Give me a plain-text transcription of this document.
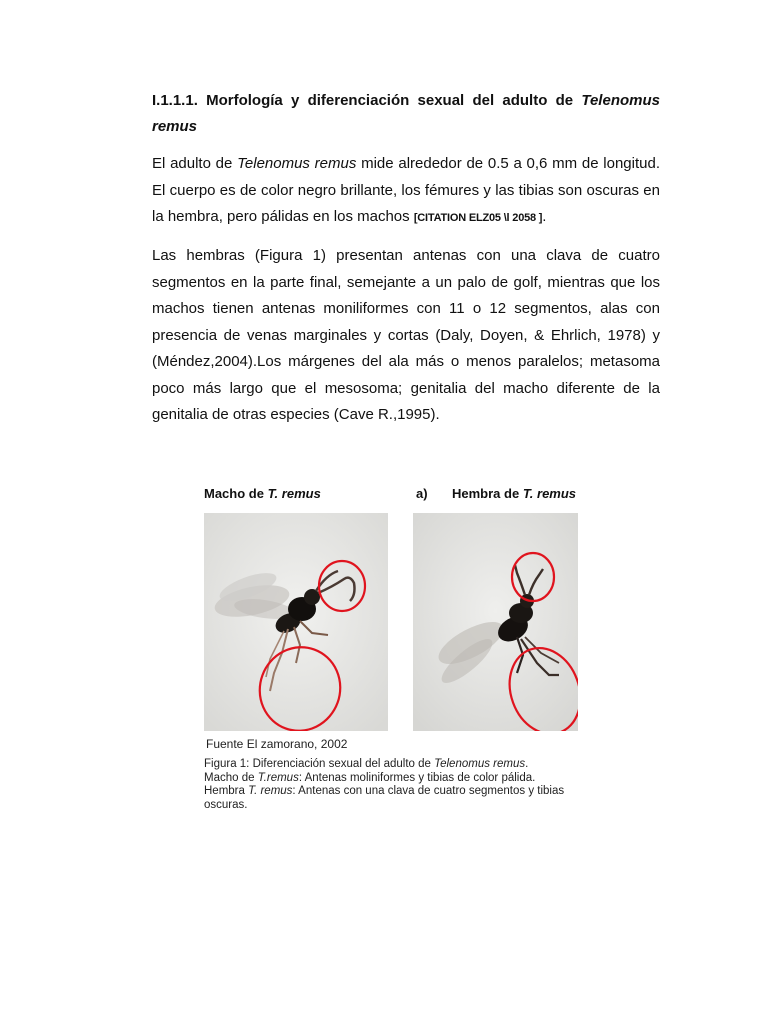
I.1.1.1. Morfología y diferenciación sexual del adulto de Telenomus remus
El adulto de Telenomus remus mide alrededor de 0.5 a 0,6 mm de longitud. El cuerpo es de color negro brillante, los fémures y las tibias son oscuras en la hembra, pero pálidas en los machos [CITATION ELZ05 \l 2058 ].
Las hembras (Figura 1) presentan antenas con una clava de cuatro segmentos en la parte final, semejante a un palo de golf, mientras que los machos tienen antenas moniliformes con 11 o 12 segmentos, alas con presencia de venas marginales y cortas (Daly, Doyen, & Ehrlich, 1978) y (Méndez,2004).Los márgenes del ala más o menos paralelos; metasoma poco más largo que el mesosoma; genitalia del macho diferente de la genitalia de otras especies (Cave R.,1995).
Macho de T. remus	a) Hembra de T. remus
Fuente El zamorano, 2002
Figura 1: Diferenciación sexual del adulto de Telenomus remus.
Macho de T.remus: Antenas moliniformes y tibias de color pálida.
Hembra T. remus: Antenas con una clava de cuatro segmentos y tibias oscuras.
